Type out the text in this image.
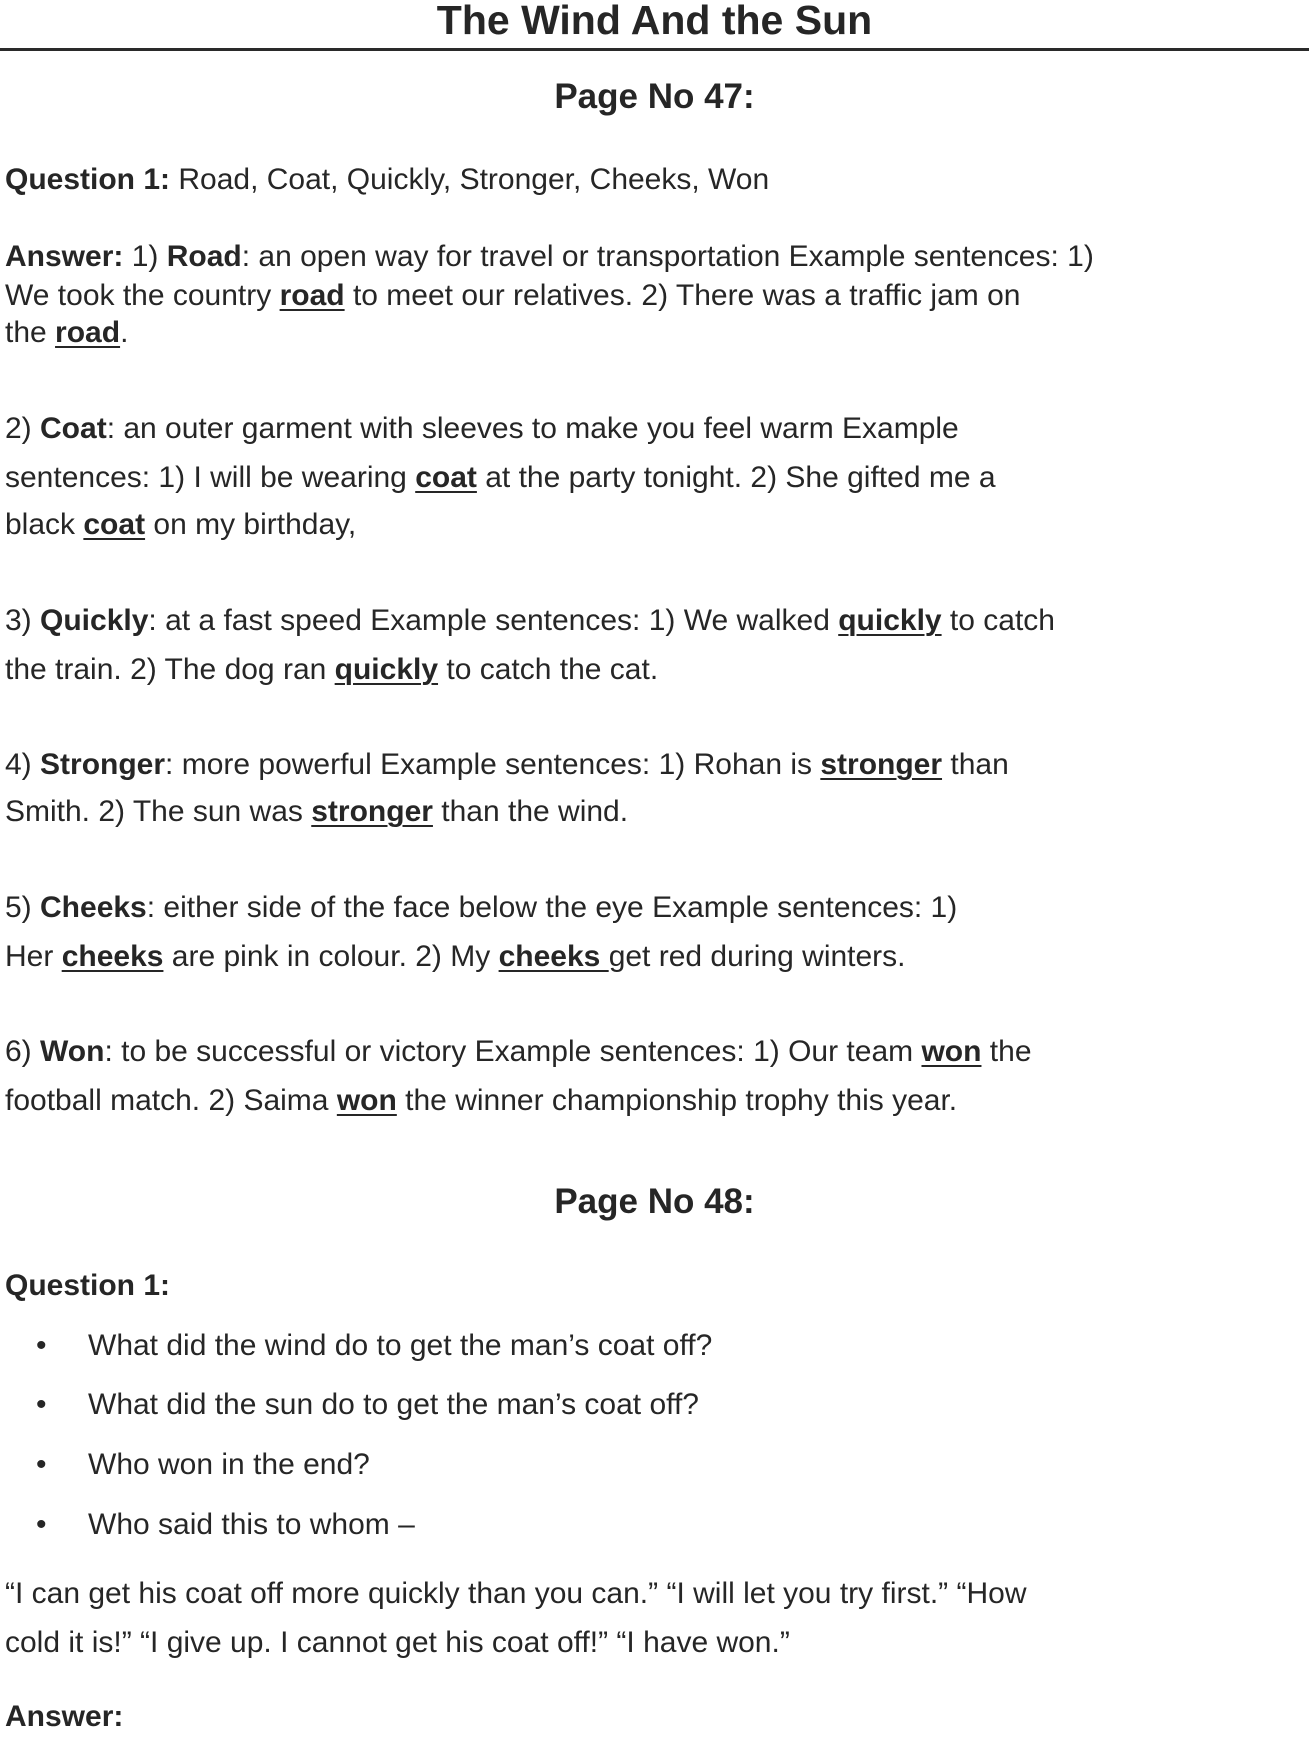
The Wind And the Sun
Page No 47:
Page No 48:
Question 1: Road, Coat, Quickly, Stronger, Cheeks, Won
Answer: 1) Road: an open way for travel or transportation Example sentences: 1)
We took the country road to meet our relatives. 2) There was a traffic jam on
the road.
2) Coat: an outer garment with sleeves to make you feel warm Example
sentences: 1) I will be wearing coat at the party tonight. 2) She gifted me a
black coat on my birthday,
3) Quickly: at a fast speed Example sentences: 1) We walked quickly to catch
the train. 2) The dog ran quickly to catch the cat.
4) Stronger: more powerful Example sentences: 1) Rohan is stronger than
Smith. 2) The sun was stronger than the wind.
5) Cheeks: either side of the face below the eye Example sentences: 1)
Her cheeks are pink in colour. 2) My cheeks get red during winters.
6) Won: to be successful or victory Example sentences: 1) Our team won the
football match. 2) Saima won the winner championship trophy this year.
Question 1:
“I can get his coat off more quickly than you can.” “I will let you try first.” “How
cold it is!” “I give up. I cannot get his coat off!” “I have won.”
Answer:
• What did the wind do to get the man’s coat off?
• What did the sun do to get the man’s coat off?
• Who won in the end?
• Who said this to whom –
